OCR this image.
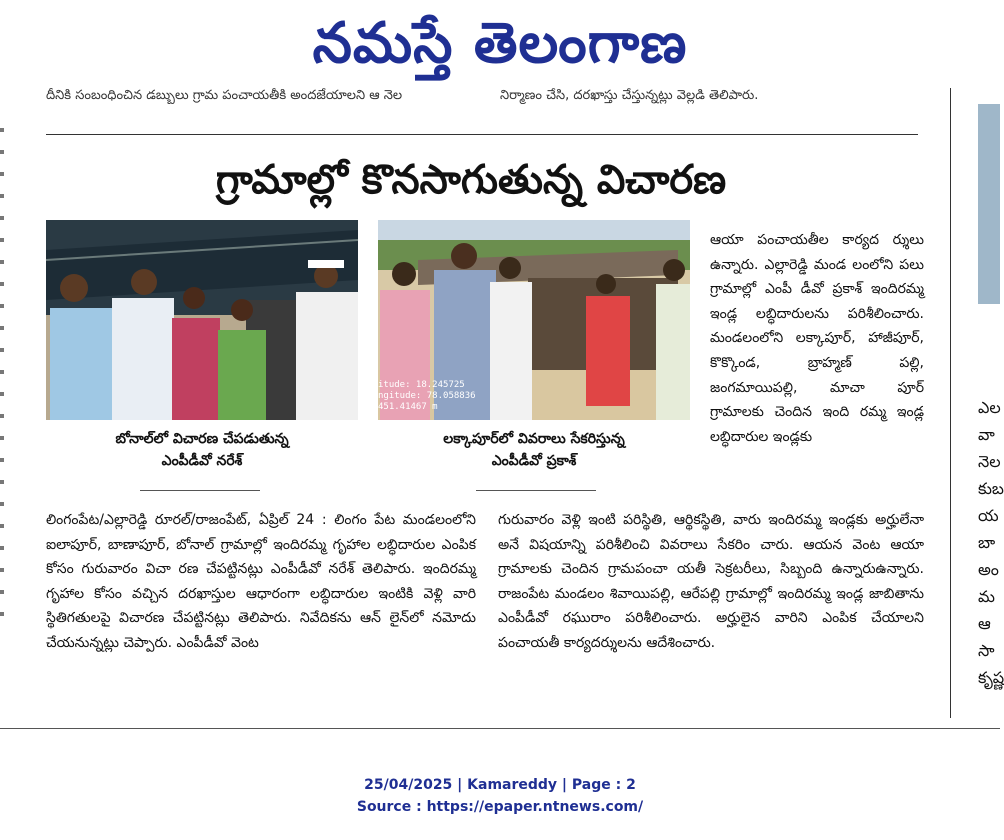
నమస్తే తెలంగాణ
దీనికి సంబంధించిన డబ్బులు గ్రామ పంచాయతీకి అందజేయాలని ఆ నెల	నిర్మాణం చేసి, దరఖాస్తు చేస్తున్నట్లు వెల్లడి తెలిపారు.
గ్రామాల్లో కొనసాగుతున్న విచారణ
itude: 18.245725
ngitude: 78.058836
451.41467 m
బోనాల్‌లో విచారణ చేపడుతున్న
ఎంపీడీవో నరేశ్
లక్కాపూర్‌లో వివరాలు సేకరిస్తున్న
ఎంపీడీవో ప్రకాశ్

ఆయా పంచాయతీల కార్యద ర్శులు ఉన్నారు. ఎల్లారెడ్డి మండ లంలోని పలు గ్రామాల్లో ఎంపీ డీవో ప్రకాశ్ ఇందిరమ్మ ఇండ్ల లబ్ధిదారులను పరిశీలించారు. మండలంలోని లక్కాపూర్, హాజీపూర్, కొక్కొండ, బ్రాహ్మణ్ పల్లి, జంగమాయిపల్లి, మాచా పూర్ గ్రామాలకు చెందిన ఇంది రమ్మ ఇండ్ల లబ్ధిదారుల ఇండ్లకు

లింగంపేట/ఎల్లారెడ్డి రూరల్/రాజంపేట్, ఏప్రిల్ 24 : లింగం పేట మండలంలోని ఐలాపూర్, బాణాపూర్, బోనాల్ గ్రామాల్లో ఇందిరమ్మ గృహాల లబ్ధిదారుల ఎంపిక కోసం గురువారం విచా రణ చేపట్టినట్లు ఎంపీడీవో నరేశ్ తెలిపారు. ఇందిరమ్మ గృహాల కోసం వచ్చిన దరఖాస్తుల ఆధారంగా లబ్ధిదారుల ఇంటికి వెళ్లి వారి స్థితిగతులపై విచారణ చేపట్టినట్లు తెలిపారు. నివేదికను ఆన్ లైన్‌లో నమోదు చేయనున్నట్లు చెప్పారు. ఎంపీడీవో వెంట

గురువారం వెళ్లి ఇంటి పరిస్థితి, ఆర్థికస్థితి, వారు ఇందిరమ్మ ఇండ్లకు అర్హులేనా అనే విషయాన్ని పరిశీలించి వివరాలు సేకరిం చారు. ఆయన వెంట ఆయా గ్రామాలకు చెందిన గ్రామపంచా యతీ సెక్రటరీలు, సిబ్బంది ఉన్నారుఉన్నారు. రాజంపేట మండలం శివాయిపల్లి, ఆరేపల్లి గ్రామాల్లో ఇందిరమ్మ ఇండ్ల జాబితాను ఎంపీడీవో రఘురాం పరిశీలించారు. అర్హులైన వారిని ఎంపిక చేయాలని పంచాయతీ కార్యదర్శులను ఆదేశించారు.

ఎల
వా
నెల
కుబ
య
బా
అం
మ
ఆ
సా
కృష్ణ
25/04/2025 | Kamareddy | Page : 2
Source : https://epaper.ntnews.com/
